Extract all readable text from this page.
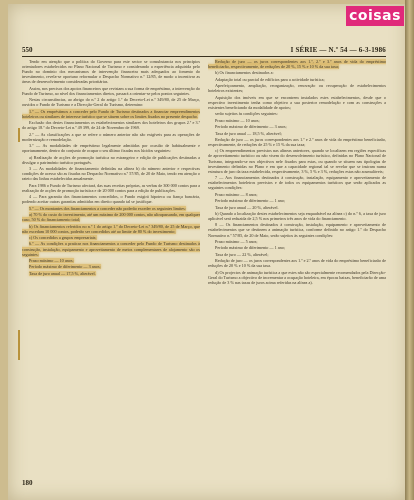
coisas
550	I SÉRIE — N.º 54 — 6-3-1986

Tendo em atenção que a política do Governo para este sector se consubstancia nos princípios orientadores estabelecidos no Plano Nacional de Turismo e considerando a experiência adquirida pelo Fundo no domínio dos mecanismos de intervenção financeira mais adequados ao fomento do investimento, revela-se oportuno reformular o Despacho Normativo n.º 12/85, de modo a incentivar as áreas de desenvolvimento consideradas prioritárias.

Assim, nos precisos dos apoios financeiros que revistam a sua forma de empréstimo, a intervenção do Fundo de Turismo, ao nível dos financiamentos diretos, passará a orientar-se pelos pontos seguintes.

Nestas circunstâncias, ao abrigo do n.º 2 do artigo 1.º do Decreto-Lei n.º 349/80, de 25 de Março, ouvidos o Fundo de Turismo e a Direcção-Geral do Turismo, determino:

1.º — Os empréstimos a conceder pelo Fundo de Turismo destinados a financiar empreendimentos hoteleiros ou similares de interesse turístico que se situem sobre os limites fixados no presente despacho.

Exclusão dos destes financiamentos os estabelecimentos similares dos hoteleiros dos grupos 2.º e 3.º do artigo 18.º do Decreto-Lei n.º 49 399, de 24 de Novembro de 1969.

2.º — As classificações a que se refere o número anterior não são exigíveis para as operações de modernização e remodelação.

3.º — As modalidades de empréstimo legalmente admitidas por ocasião de habitualmente e oportunamente, dentro do conjunto de ocupar o seu último fixadas nos lúcidos seguintes:

a) Realização de acções de promoção turística no estrangeiro e edição de publicações destinadas a divulgar o património turístico português.

3 — As modalidades de financiamento definidas na alínea b) do número anterior e respectivas condições de acesso são as fixadas no Despacho Normativo n.º 57/85, de 20 de Maio, tendo em atenção o rateio das linhas estabelecidas anualmente.

Para 1986 o Fundo de Turismo afectará, das suas receitas próprias, as verbas de 300 000 contos para a realização de acções de promoção turística e de 20 000 contos para a edição de publicações.

4 — Para garantia dos financiamentos concedidos, o Fundo exigirá hipoteca ou fiança bancária, podendo aceitar outras garantias admitidas em direito quando tal se justifique.

5.º — Os montantes dos financiamentos a conceder não poderão exceder os seguintes limites:

a) 70 % do custo do investimento, até um máximo de 200 000 contos, não ultrapassando, em qualquer caso, 50 % do financiamento total;

b) Os financiamentos referidos no n.º 1 do artigo 1.º do Decreto-Lei n.º 349/80, de 25 de Março, que não excedam 10 000 contos, poderão ser concedidos até ao limite de 80 % do investimento;

c) Os concedidos a grupos empresariais;

6.º — As condições a praticar nos financiamentos a conceder pelo Fundo de Turismo destinados à construção, instalação, equipamento e aproveitamento de meios complementares de alojamento são os seguintes:

Prazo máximo — 10 anos;

Período máximo de diferimento — 3 anos;

Taxa de juro anual — 17,5 %, alterável.

Redução de juro — os juros correspondentes aos 1.º, 2.º e 3.º anos de vida do empréstimo beneficiarão, respectivamente, de reduções de 20 %, 15 % e 10 % da sua taxa;

b) Os financiamentos destinados a:

Adaptação total ou parcial de edifícios para a actividade turística;

Aperfeiçoamento, ampliação, reorganização, renovação ou recuperação de estabelecimentos hoteleiros existentes;

Aquisição dos imóveis em que se encontrem instalados estes estabelecimentos, desde que o respectivo investimento tenha como objetivo a sua posterior remodelação e com as construções a existentes beneficiando da modalidade de apoios;

serão sujeitos às condições seguintes:

Prazo máximo — 10 anos;

Período máximo de diferimento — 3 anos;

Taxa de juro anual — 18,5 %, alterável;

Redução de juro — os juros correspondentes aos 1.º e 2.º anos de vida do empréstimo beneficiarão, respectivamente, de reduções de 25 % e 15 % da sua taxa;

c) Os empreendimentos previstos nas alíneas anteriores, quando se localizem em regiões específicas de aproveitamento turístico ou não visem do desenvolvimento turístico, definidas no Plano Nacional de Turismo, integrando-se nos objectivos nele fixados para estas, ou quando se situem nas tipologias de investimento definidas no Plano e em que a capacidade regional tal se revelar que se insiram numa estrutura de juro da taxa estabelecida, respectivamente, 3 %, 5 % e 3 %, reduções estas não acumuláveis;

7 — Aos financiamentos destinados à construção, instalação, equipamento e aproveitamento de estabelecimentos hoteleiros previstos e de todos os equipamentos turísticos que serão aplicados as seguintes condições:

Prazo máximo — 8 anos;

Período máximo de diferimento — 1 ano;

Taxa de juro anual — 20 %, alterável.

b) Quando a localização destes estabelecimentos seja enquadrável na alínea c) do n.º 6, a taxa de juro aplicável será reduzida de 2,5 % nos primeiros três anos de vida do financiamento.

8 — Os financiamentos destinados à construção, instalação, equipamento e aproveitamento de estabelecimentos que se destinem a animação turística, conforme definido no artigo 1.º do Despacho Normativo n.º 57/85, de 20 de Maio, serão sujeitos às seguintes condições:

Prazo máximo — 5 anos;

Período máximo de diferimento — 1 ano;

Taxa de juro — 22 %, alterável;

Redução de juro — os juros correspondentes aos 1.º e 2.º anos de vida do empréstimo beneficiarão de reduções de 20 % e 10 % da sua taxa.

d) Os projectos de animação turística a que estes não são especialmente recomendados pela Direcção-Geral do Turismo a objectivo de incrementar a ocupação hoteleira, em épocas baixas, beneficiarão de uma redução de 3 % nas taxas de juros acima referidas na alínea a).

180
